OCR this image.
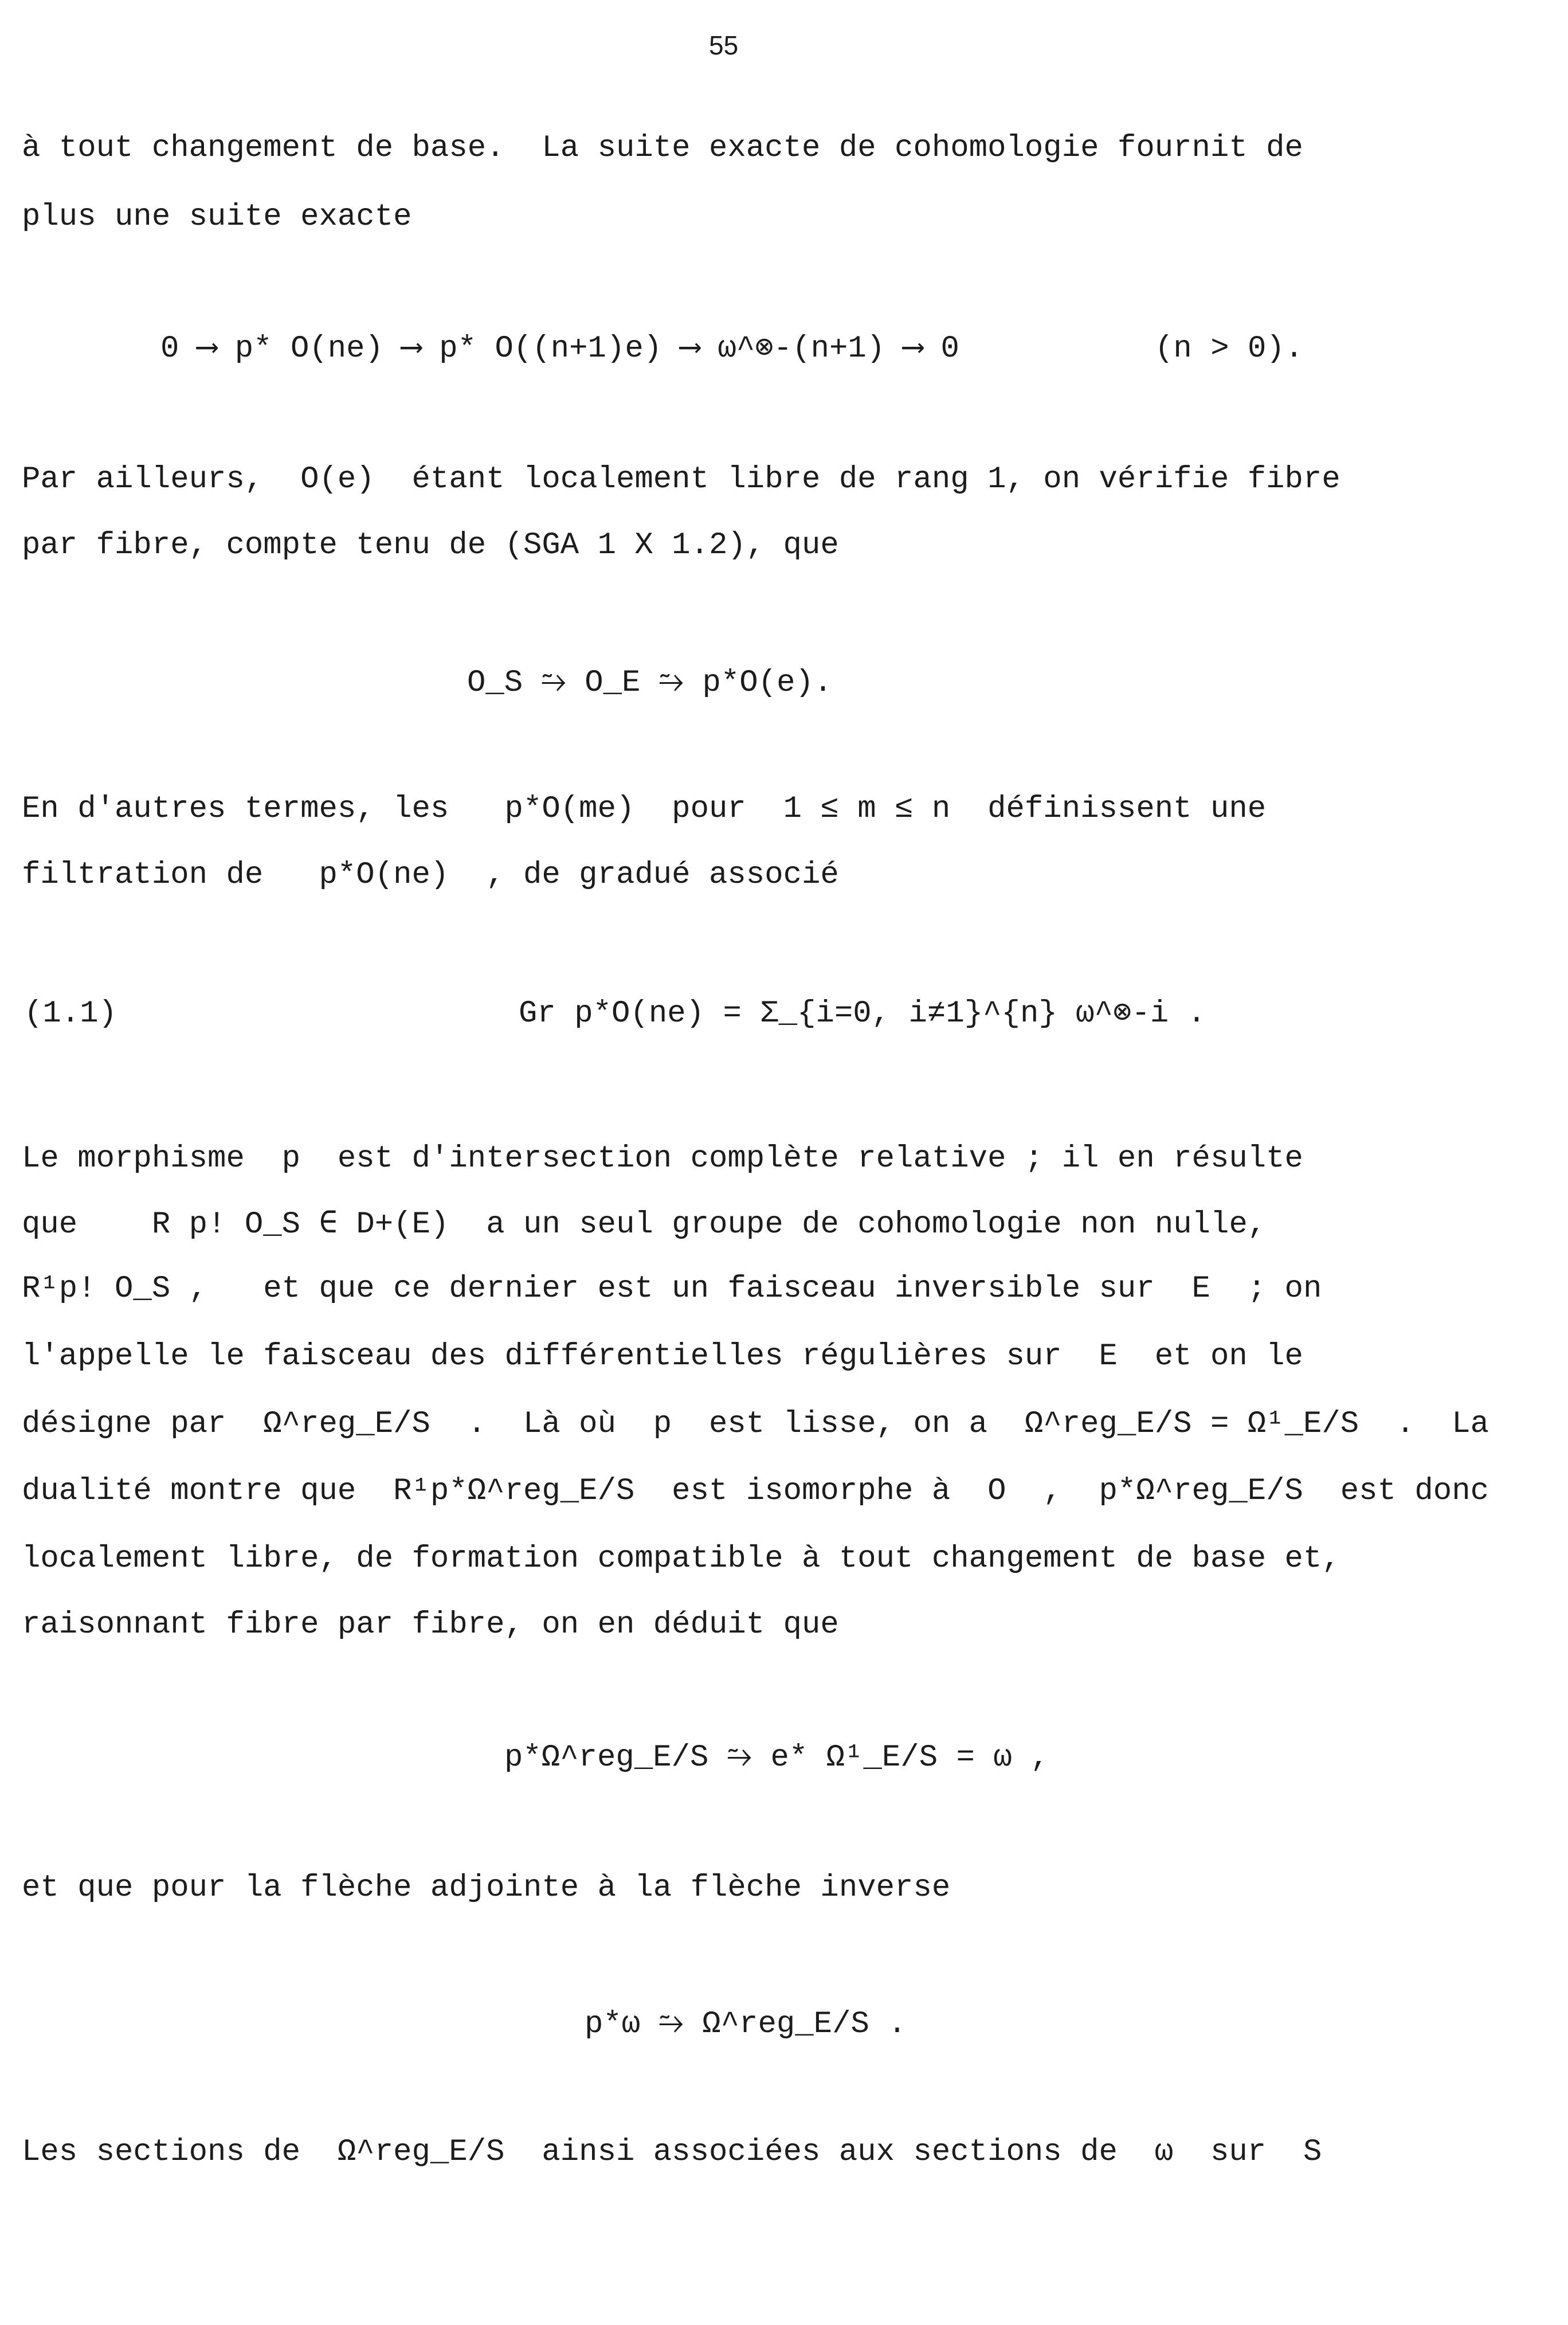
55
à tout changement de base.  La suite exacte de cohomologie fournit de
plus une suite exacte
0 ⟶ p* O(ne) ⟶ p* O((n+1)e) ⟶ ω^⊗-(n+1) ⟶ 0	(n > 0).
Par ailleurs,  O(e)  étant localement libre de rang 1, on vérifie fibre
par fibre, compte tenu de (SGA 1 X 1.2), que
O_S ⥲ O_E ⥲ p*O(e).
En d'autres termes, les   p*O(me)  pour  1 ≤ m ≤ n  définissent une
filtration de   p*O(ne)  , de gradué associé
(1.1)	Gr p*O(ne) = Σ_{i=0, i≠1}^{n} ω^⊗-i .
Le morphisme  p  est d'intersection complète relative ; il en résulte
que    R p! O_S ∈ D+(E)  a un seul groupe de cohomologie non nulle,
R¹p! O_S ,   et que ce dernier est un faisceau inversible sur  E  ; on
l'appelle le faisceau des différentielles régulières sur  E  et on le
désigne par  Ω^reg_E/S  .  Là où  p  est lisse, on a  Ω^reg_E/S = Ω¹_E/S  .  La
dualité montre que  R¹p*Ω^reg_E/S  est isomorphe à  O  ,  p*Ω^reg_E/S  est donc
localement libre, de formation compatible à tout changement de base et,
raisonnant fibre par fibre, on en déduit que
p*Ω^reg_E/S ⥲ e* Ω¹_E/S = ω ,
et que pour la flèche adjointe à la flèche inverse
p*ω ⥲ Ω^reg_E/S .
Les sections de  Ω^reg_E/S  ainsi associées aux sections de  ω  sur  S
